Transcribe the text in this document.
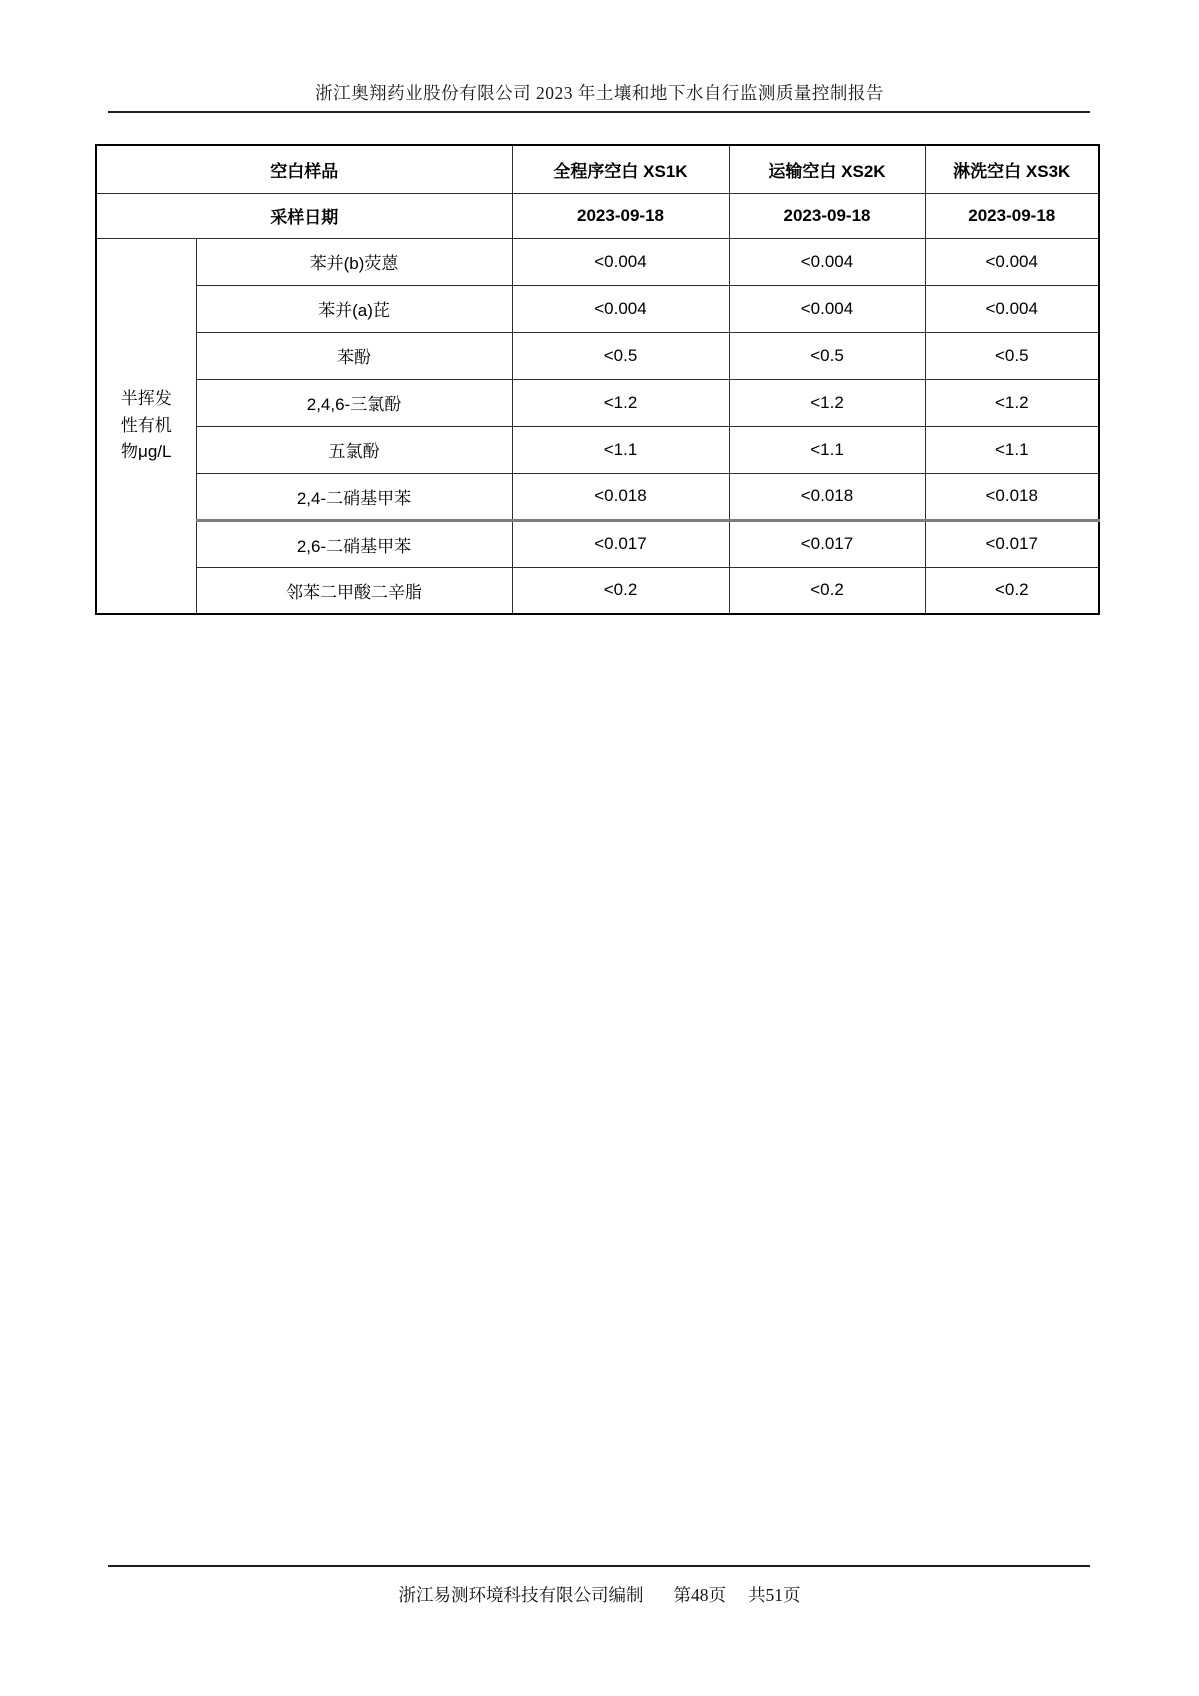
浙江奥翔药业股份有限公司 2023 年土壤和地下水自行监测质量控制报告
空白样品		全程序空白 XS1K	运输空白 XS2K	淋洗空白 XS3K
采样日期		2023-09-18	2023-09-18	2023-09-18

半挥发
性有机
物μg/L	苯并(b)荧蒽	<0.004	<0.004	<0.004
	苯并(a)芘	<0.004	<0.004	<0.004
	苯酚	<0.5	<0.5	<0.5
	2,4,6-三氯酚	<1.2	<1.2	<1.2
	五氯酚	<1.1	<1.1	<1.1
	2,4-二硝基甲苯	<0.018	<0.018	<0.018
	2,6-二硝基甲苯	<0.017	<0.017	<0.017
	邻苯二甲酸二辛脂	<0.2	<0.2	<0.2
浙江易测环境科技有限公司编制 第48页 共51页
